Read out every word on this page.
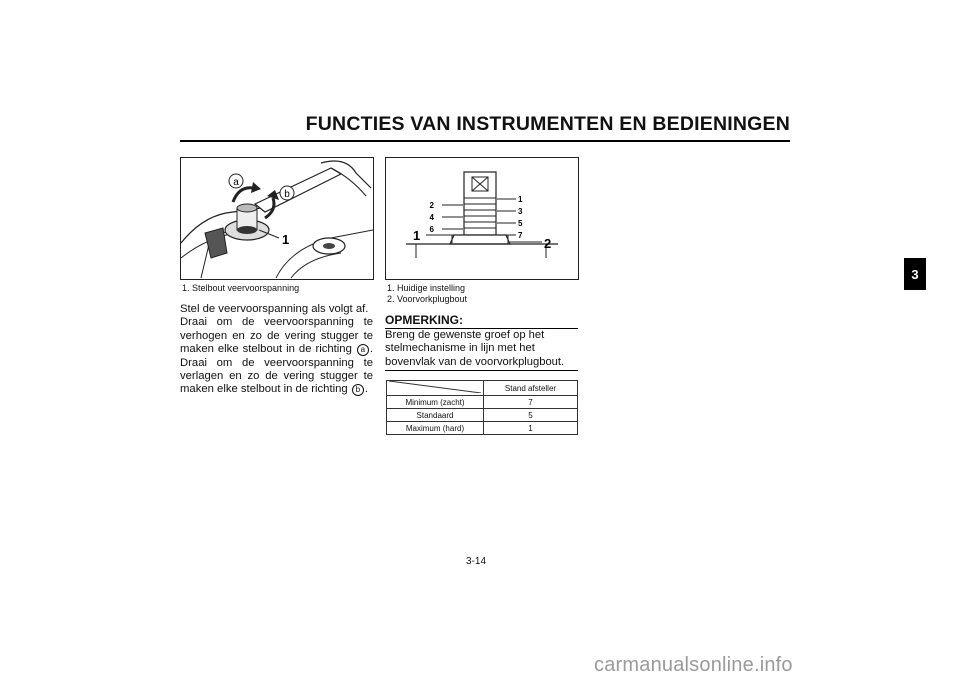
FUNCTIES VAN INSTRUMENTEN EN BEDIENINGEN
3
a
b
1
1. Stelbout veervoorspanning
2
4
6
1
3
5
7
1
2
1. Huidige instelling
2. Voorvorkplugbout

Stel de veervoorspanning als volgt af.

Draai om de veervoorspanning te verhogen en zo de vering stugger te maken elke stelbout in de richting a . Draai om de veervoorspanning te verlagen en zo de vering stugger te maken elke stelbout in de richting b .

OPMERKING:
Breng de gewenste groef op het stelmechanisme in lijn met het bovenvlak van de voorvorkplugbout.
	Stand afsteller
Minimum (zacht)	7
Standaard	5
Maximum (hard)	1
3-14
carmanualsonline.info
